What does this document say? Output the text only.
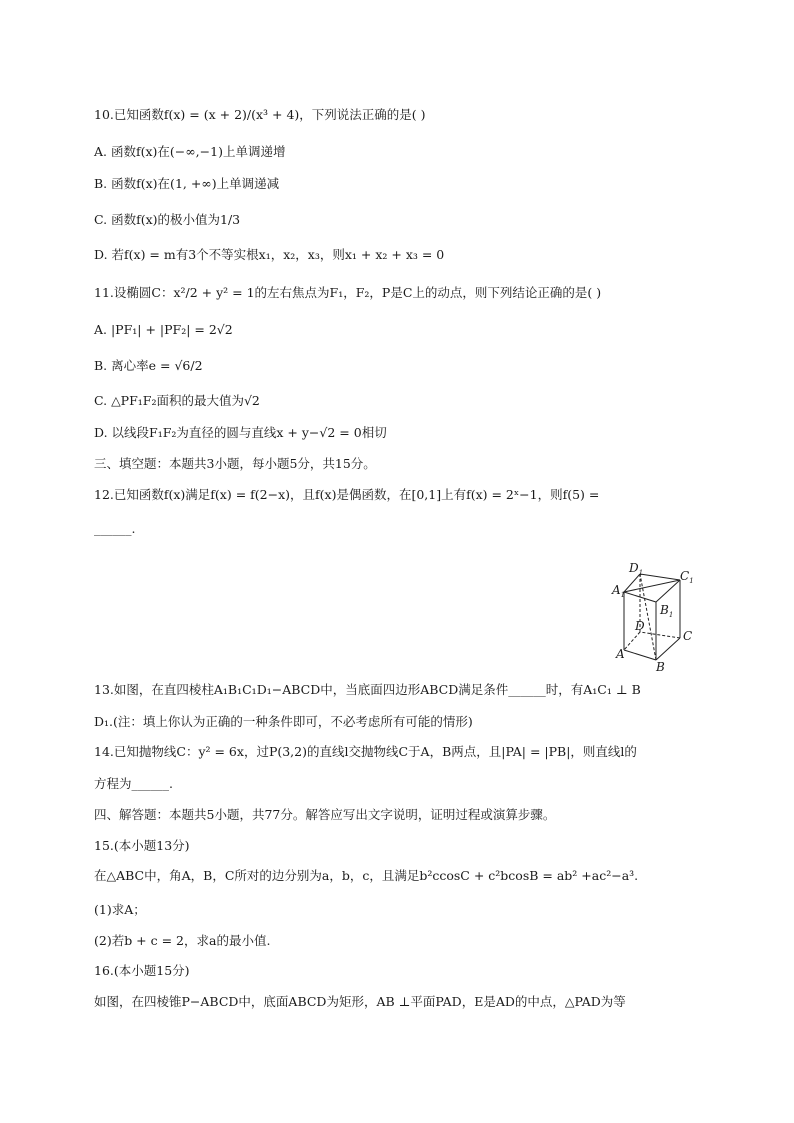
10.已知函数f(x) = (x + 2)/(x³ + 4)，下列说法正确的是( )
A. 函数f(x)在(−∞,−1)上单调递增
B. 函数f(x)在(1, +∞)上单调递减
C. 函数f(x)的极小值为1/3
D. 若f(x) = m有3个不等实根x₁，x₂，x₃，则x₁ + x₂ + x₃ = 0
11.设椭圆C：x²/2 + y² = 1的左右焦点为F₁，F₂，P是C上的动点，则下列结论正确的是( )
A. |PF₁| + |PF₂| = 2√2
B. 离心率e = √6/2
C. △PF₁F₂面积的最大值为√2
D. 以线段F₁F₂为直径的圆与直线x + y−√2 = 0相切
三、填空题：本题共3小题，每小题5分，共15分。
12.已知函数f(x)满足f(x) = f(2−x)，且f(x)是偶函数，在[0,1]上有f(x) = 2ˣ−1，则f(5) =
______.
$D_1$	$C_1$
$A_1$
$B_1$
D
C
A
B
13.如图，在直四棱柱A₁B₁C₁D₁−ABCD中，当底面四边形ABCD满足条件______时，有A₁C₁ ⊥ B
D₁.(注：填上你认为正确的一种条件即可，不必考虑所有可能的情形)
14.已知抛物线C：y² = 6x，过P(3,2)的直线l交抛物线C于A，B两点，且|PA| = |PB|，则直线l的
方程为______.
四、解答题：本题共5小题，共77分。解答应写出文字说明，证明过程或演算步骤。
15.(本小题13分)
在△ABC中，角A，B，C所对的边分别为a，b，c，且满足b²ccosC + c²bcosB = ab² +ac²−a³.
(1)求A；
(2)若b + c = 2，求a的最小值.
16.(本小题15分)
如图，在四棱锥P−ABCD中，底面ABCD为矩形，AB ⊥平面PAD，E是AD的中点，△PAD为等
